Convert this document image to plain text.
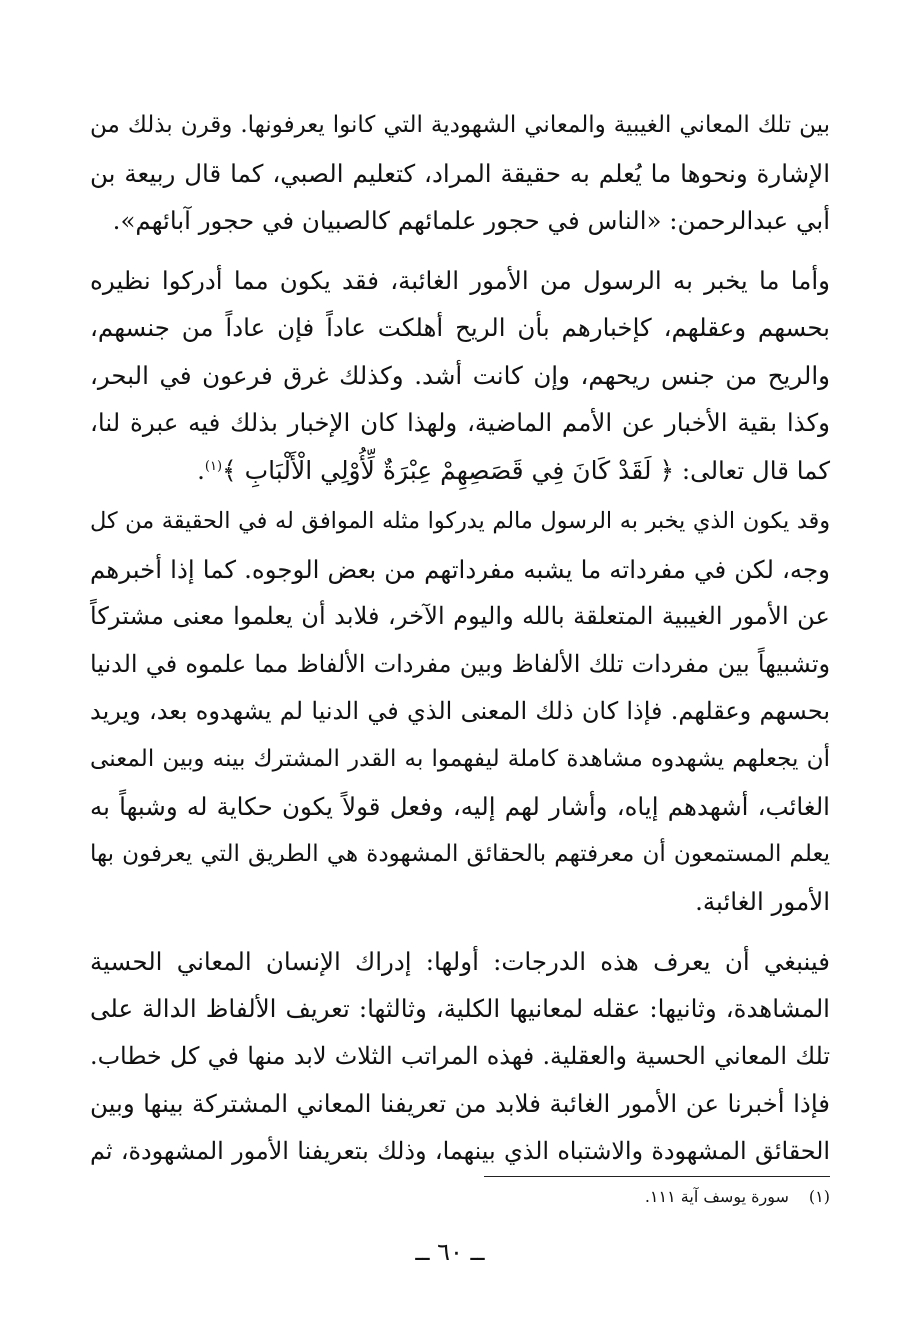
بين تلك المعاني الغيبية والمعاني الشهودية التي كانوا يعرفونها. وقرن بذلك من
الإشارة ونحوها ما يُعلم به حقيقة المراد، كتعليم الصبي، كما قال ربيعة بن
أبي عبدالرحمن: «الناس في حجور علمائهم كالصبيان في حجور آبائهم».

وأما ما يخبر به الرسول من الأمور الغائبة، فقد يكون مما أدركوا نظيره
بحسهم وعقلهم، كإخبارهم بأن الريح أهلكت عاداً فإن عاداً من جنسهم،
والريح من جنس ريحهم، وإن كانت أشد. وكذلك غرق فرعون في البحر،
وكذا بقية الأخبار عن الأمم الماضية، ولهذا كان الإخبار بذلك فيه عبرة لنا،
كما قال تعالى: ﴿ لَقَدْ كَانَ فِي قَصَصِهِمْ عِبْرَةٌ لِّأُوْلِي الْأَلْبَابِ ﴾$^{(١)}$.

وقد يكون الذي يخبر به الرسول مالم يدركوا مثله الموافق له في الحقيقة من كل
وجه، لكن في مفرداته ما يشبه مفرداتهم من بعض الوجوه. كما إذا أخبرهم
عن الأمور الغيبية المتعلقة بالله واليوم الآخر، فلابد أن يعلموا معنى مشتركاً
وتشبيهاً بين مفردات تلك الألفاظ وبين مفردات الألفاظ مما علموه في الدنيا
بحسهم وعقلهم. فإذا كان ذلك المعنى الذي في الدنيا لم يشهدوه بعد، ويريد
أن يجعلهم يشهدوه مشاهدة كاملة ليفهموا به القدر المشترك بينه وبين المعنى
الغائب، أشهدهم إياه، وأشار لهم إليه، وفعل قولاً يكون حكاية له وشبهاً به
يعلم المستمعون أن معرفتهم بالحقائق المشهودة هي الطريق التي يعرفون بها
الأمور الغائبة.

فينبغي أن يعرف هذه الدرجات: أولها: إدراك الإنسان المعاني الحسية
المشاهدة، وثانيها: عقله لمعانيها الكلية، وثالثها: تعريف الألفاظ الدالة على
تلك المعاني الحسية والعقلية. فهذه المراتب الثلاث لابد منها في كل خطاب.
فإذا أخبرنا عن الأمور الغائبة فلابد من تعريفنا المعاني المشتركة بينها وبين
الحقائق المشهودة والاشتباه الذي بينهما، وذلك بتعريفنا الأمور المشهودة، ثم

(١)سورة يوسف آية ١١١.
ــ ٦٠ ــ
